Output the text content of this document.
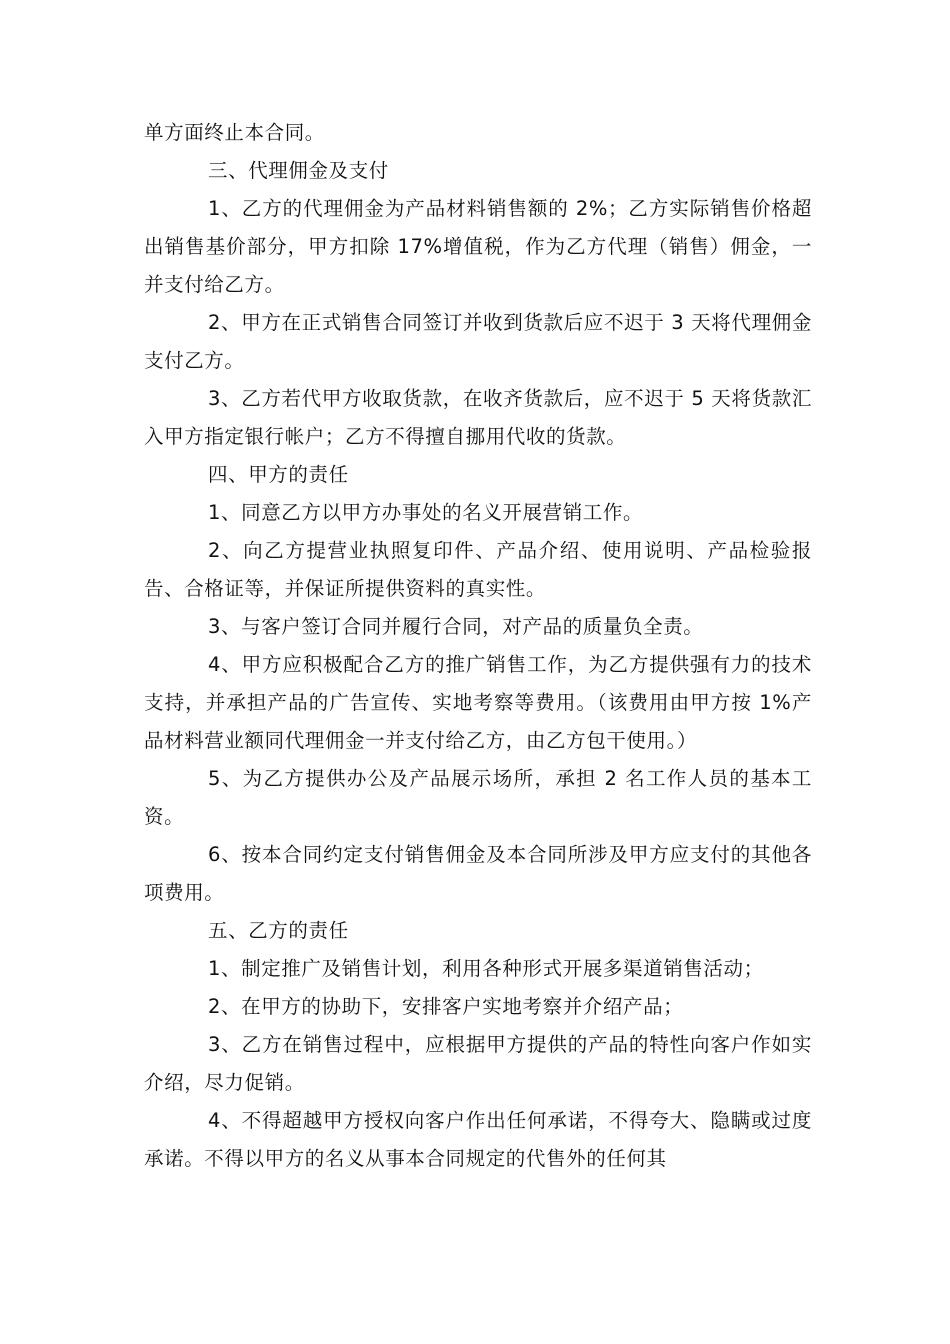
单方面终止本合同。

三、代理佣金及支付

1、乙方的代理佣金为产品材料销售额的 2%；乙方实际销售价格超出销售基价部分，甲方扣除 17%增值税，作为乙方代理（销售）佣金，一并支付给乙方。

2、甲方在正式销售合同签订并收到货款后应不迟于 3 天将代理佣金支付乙方。

3、乙方若代甲方收取货款，在收齐货款后，应不迟于 5 天将货款汇入甲方指定银行帐户；乙方不得擅自挪用代收的货款。

四、甲方的责任

1、同意乙方以甲方办事处的名义开展营销工作。

2、向乙方提营业执照复印件、产品介绍、使用说明、产品检验报告、合格证等，并保证所提供资料的真实性。

3、与客户签订合同并履行合同，对产品的质量负全责。

4、甲方应积极配合乙方的推广销售工作，为乙方提供强有力的技术支持，并承担产品的广告宣传、实地考察等费用。（该费用由甲方按 1%产品材料营业额同代理佣金一并支付给乙方，由乙方包干使用。）

5、为乙方提供办公及产品展示场所，承担 2 名工作人员的基本工资。

6、按本合同约定支付销售佣金及本合同所涉及甲方应支付的其他各项费用。

五、乙方的责任

1、制定推广及销售计划，利用各种形式开展多渠道销售活动；

2、在甲方的协助下，安排客户实地考察并介绍产品；

3、乙方在销售过程中，应根据甲方提供的产品的特性向客户作如实介绍，尽力促销。

4、不得超越甲方授权向客户作出任何承诺，不得夸大、隐瞒或过度承诺。不得以甲方的名义从事本合同规定的代售外的任何其
